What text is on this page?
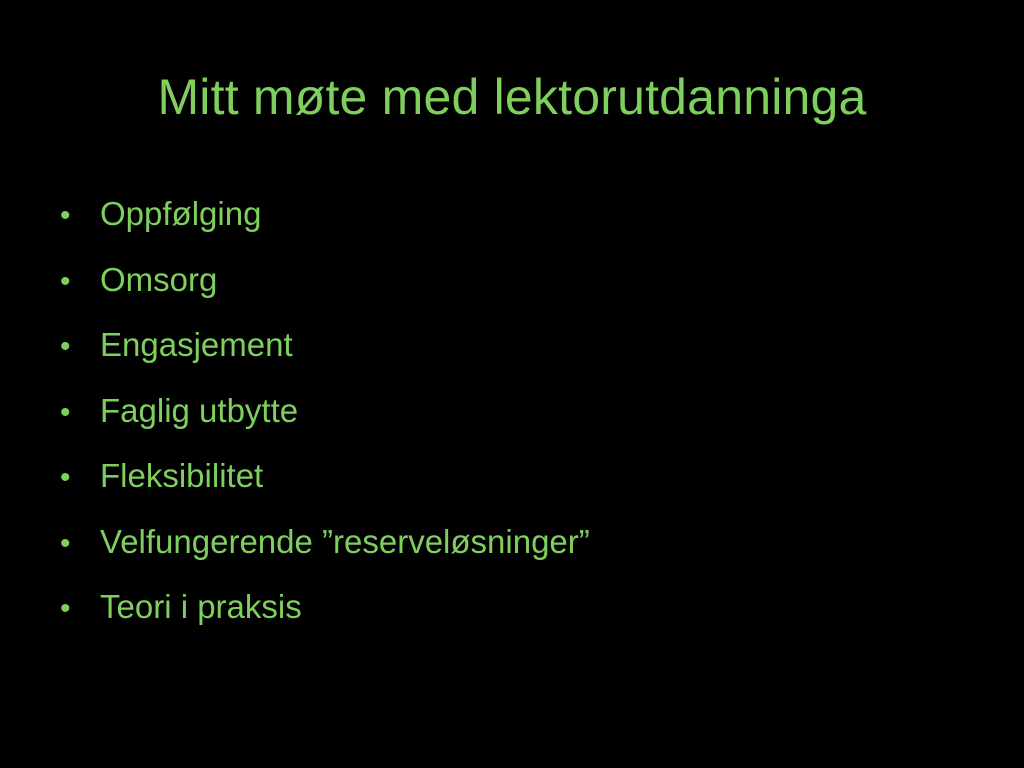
Mitt møte med lektorutdanninga
• Oppfølging
• Omsorg
• Engasjement
• Faglig utbytte
• Fleksibilitet
• Velfungerende ”reserveløsninger”
• Teori i praksis
